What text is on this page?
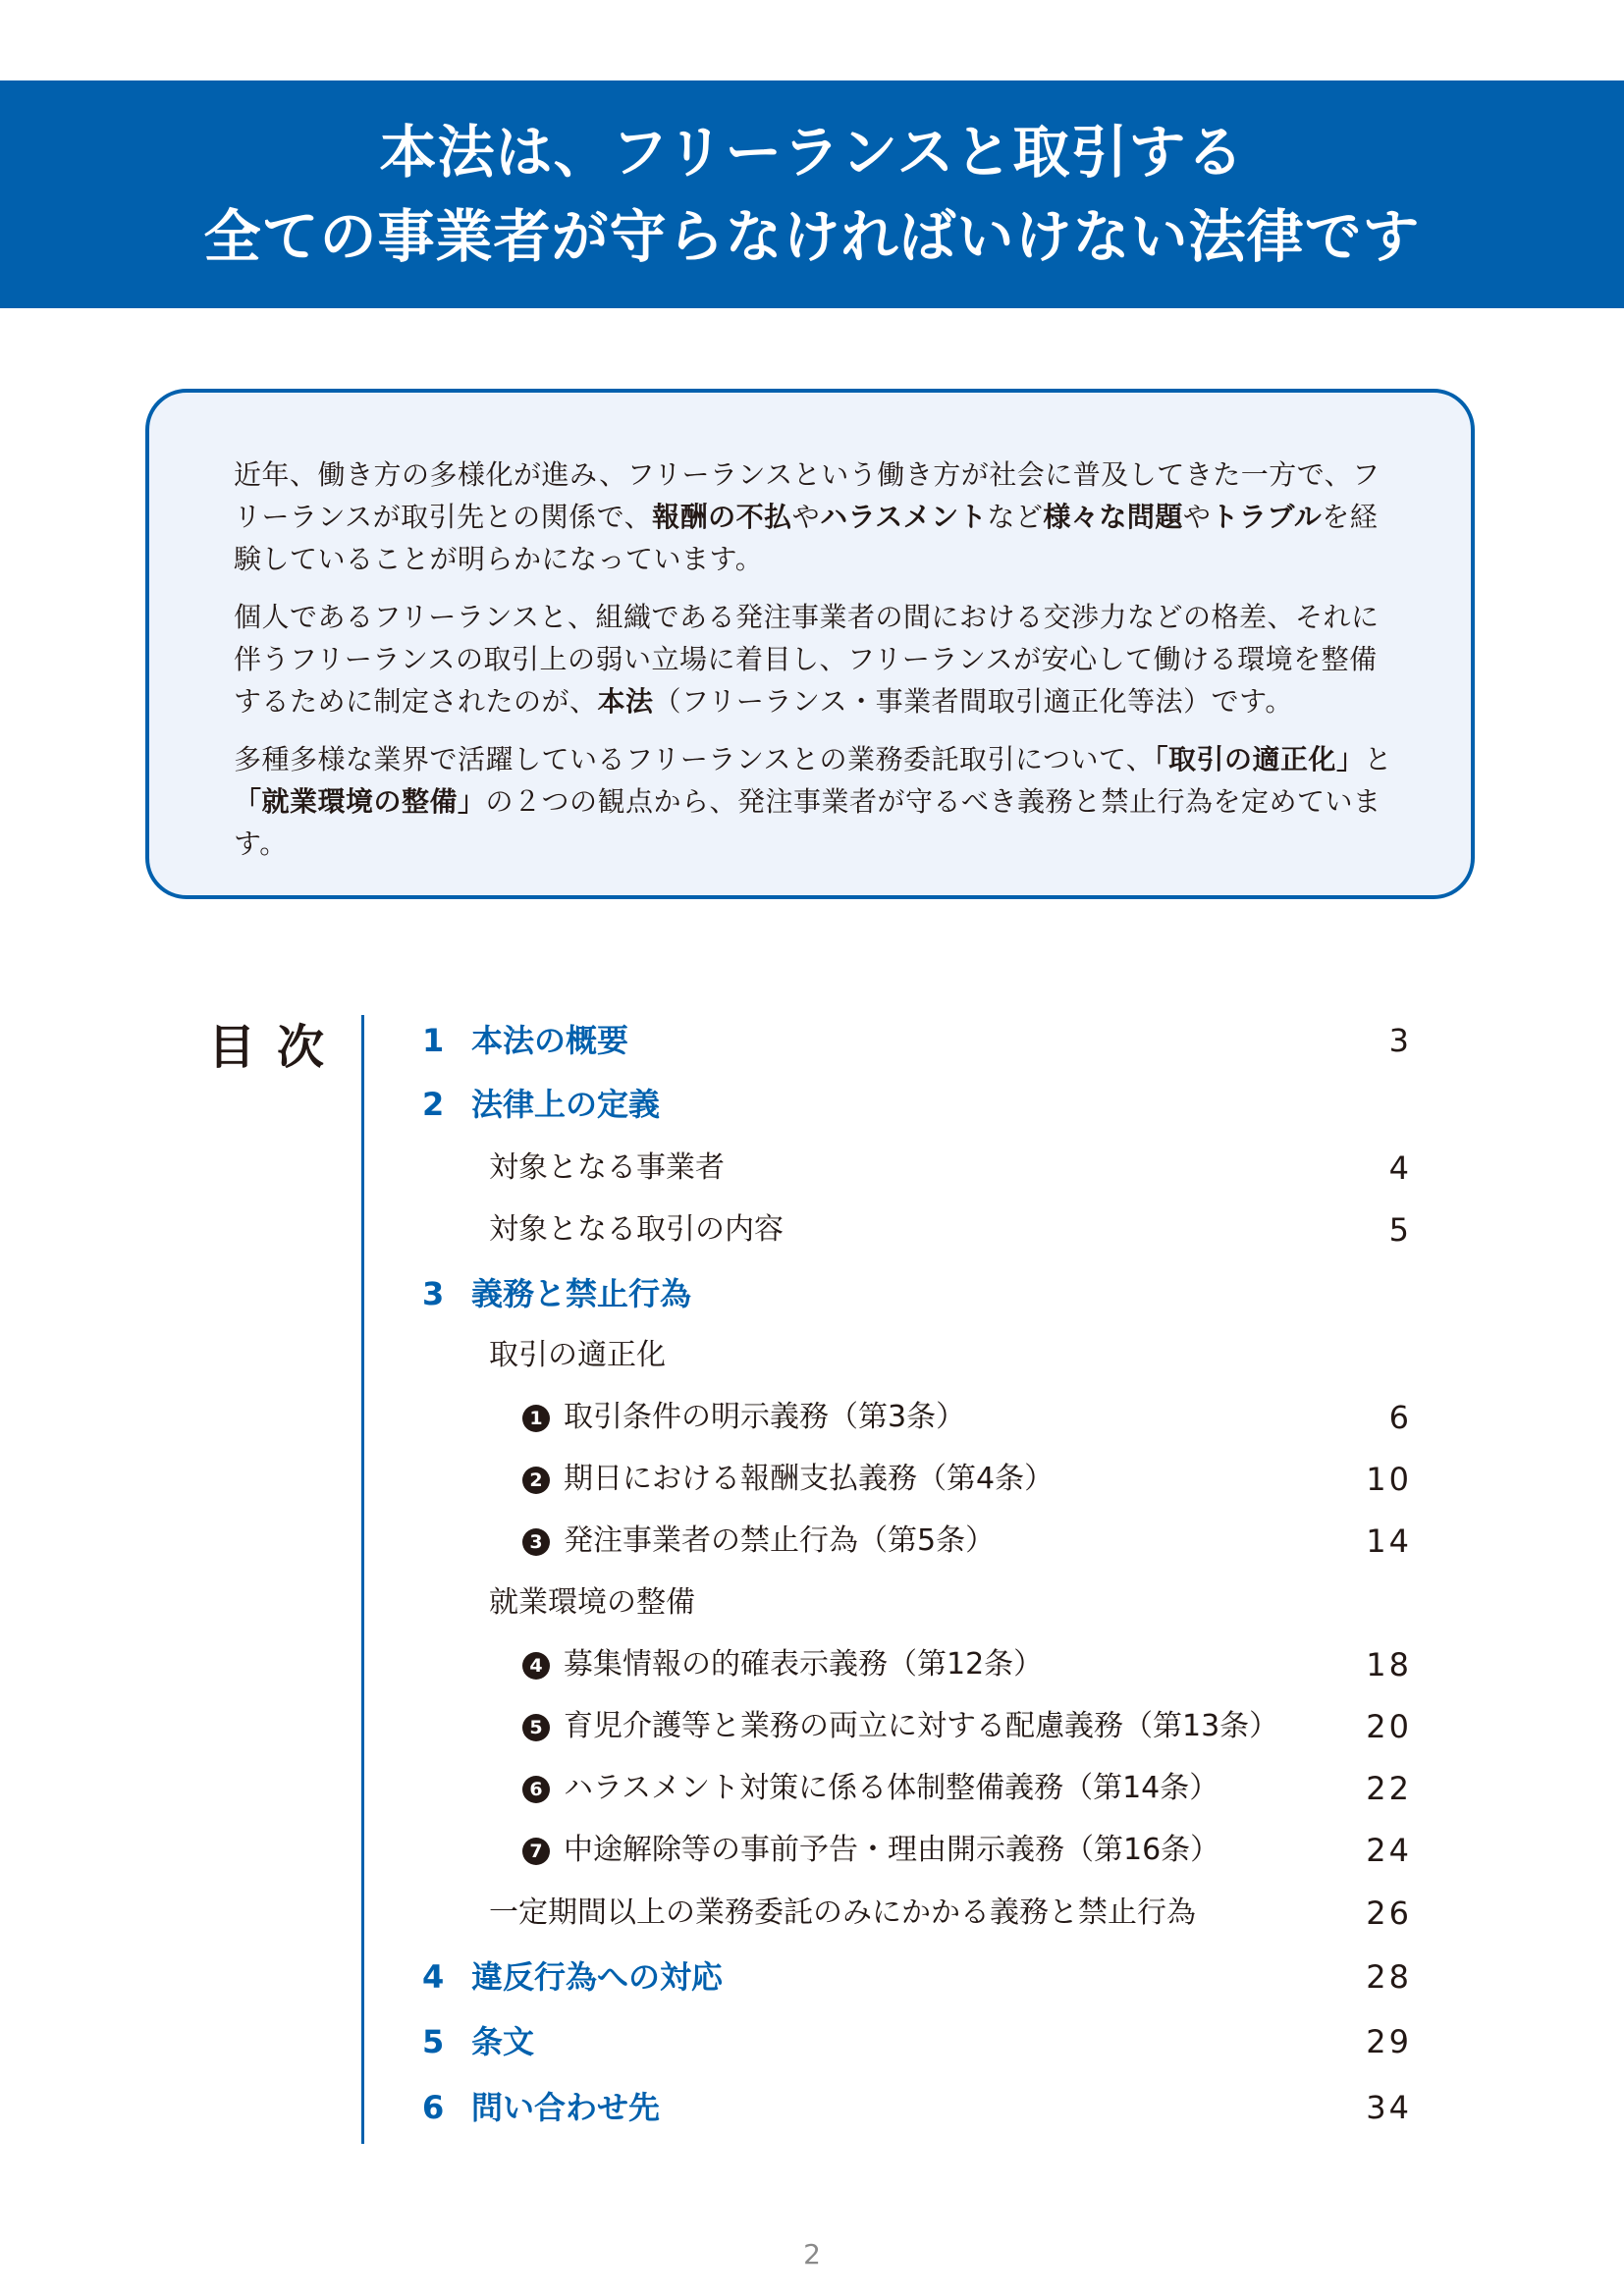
本法は、フリーランスと取引する
全ての事業者が守らなければいけない法律です
近年、働き方の多様化が進み、フリーランスという働き方が社会に普及してきた一方で、フリーランスが取引先との関係で、報酬の不払やハラスメントなど様々な問題やトラブルを経験していることが明らかになっています。
個人であるフリーランスと、組織である発注事業者の間における交渉力などの格差、それに伴うフリーランスの取引上の弱い立場に着目し、フリーランスが安心して働ける環境を整備するために制定されたのが、本法（フリーランス・事業者間取引適正化等法）です。
多種多様な業界で活躍しているフリーランスとの業務委託取引について、「取引の適正化」と「就業環境の整備」の２つの観点から、発注事業者が守るべき義務と禁止行為を定めています。
目次 1 本法の概要	3
2 法律上の定義
対象となる事業者	4
対象となる取引の内容	5
3 義務と禁止行為
取引の適正化
1 取引条件の明示義務（第3条）	6
2 期日における報酬支払義務（第4条）	10
3 発注事業者の禁止行為（第5条）	14
就業環境の整備
4 募集情報の的確表示義務（第12条）	18
5 育児介護等と業務の両立に対する配慮義務（第13条）	20
6 ハラスメント対策に係る体制整備義務（第14条）	22
7 中途解除等の事前予告・理由開示義務（第16条）	24
一定期間以上の業務委託のみにかかる義務と禁止行為	26
4 違反行為への対応	28
5 条文	29
6 問い合わせ先	34
2
